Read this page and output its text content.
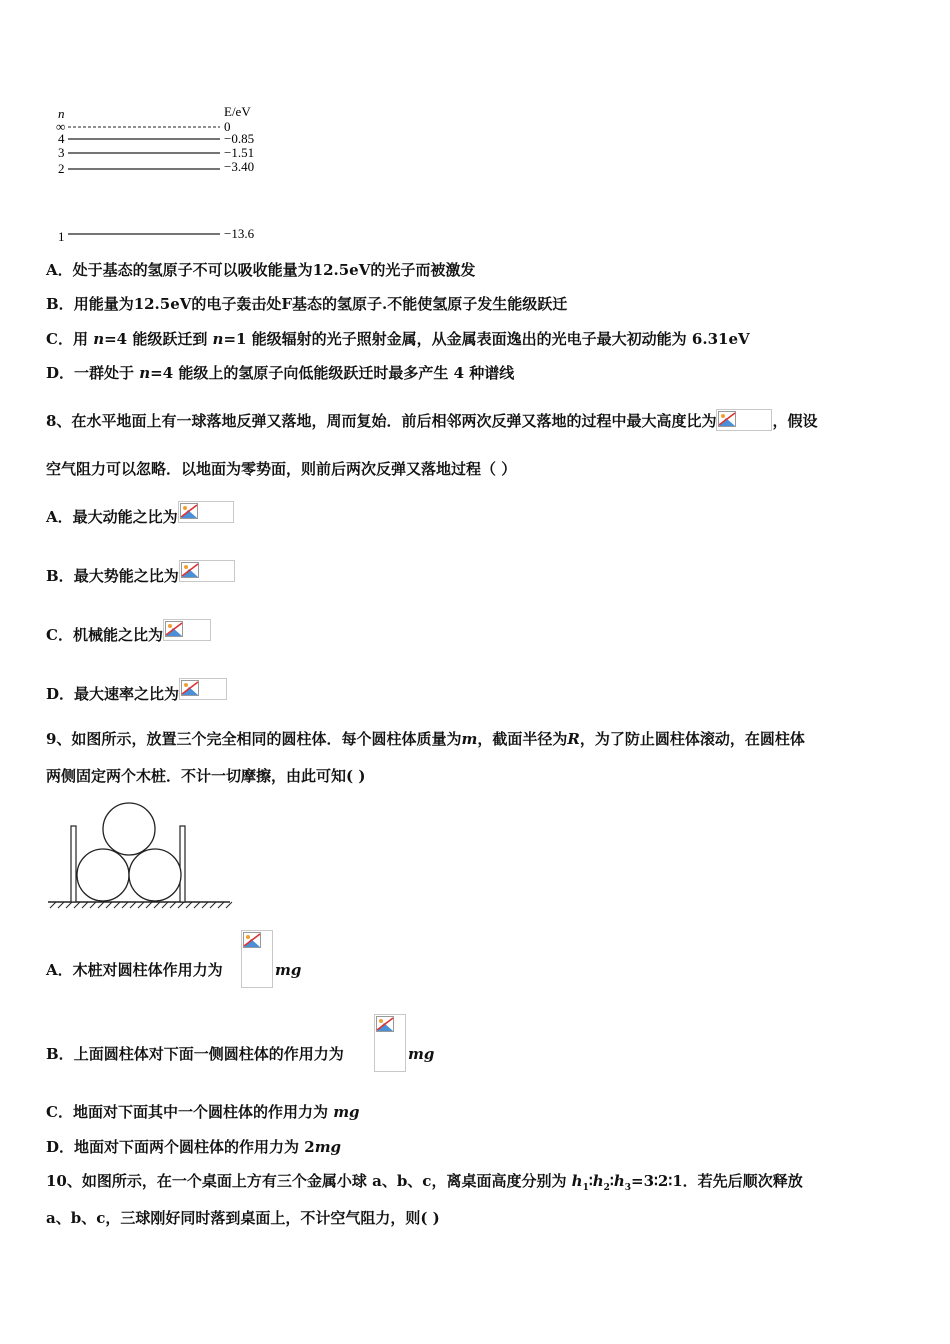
n	E/eV
∞	0
4	−0.85
3	−1.51
2	−3.40
1	−13.6
A．处于基态的氢原子不可以吸收能量为12.5eV的光子而被激发
B．用能量为12.5eV的电子轰击处F基态的氢原子.不能使氢原子发生能级跃迁
C．用 n=4 能级跃迁到 n=1 能级辐射的光子照射金属，从金属表面逸出的光电子最大初动能为 6.31eV
D．一群处于 n=4 能级上的氢原子向低能级跃迁时最多产生 4 种谱线
8、在水平地面上有一球落地反弹又落地，周而复始．前后相邻两次反弹又落地的过程中最大高度比为	，假设
空气阻力可以忽略．以地面为零势面，则前后两次反弹又落地过程（ ）
A．最大动能之比为
B．最大势能之比为
C．机械能之比为
D．最大速率之比为
9、如图所示，放置三个完全相同的圆柱体．每个圆柱体质量为m，截面半径为R，为了防止圆柱体滚动，在圆柱体
两侧固定两个木桩．不计一切摩擦，由此可知( )
A．木桩对圆柱体作用力为	mg
B．上面圆柱体对下面一侧圆柱体的作用力为	mg
C．地面对下面其中一个圆柱体的作用力为 mg
D．地面对下面两个圆柱体的作用力为 2mg
10、如图所示，在一个桌面上方有三个金属小球 a、b、c，离桌面高度分别为 $h_1∶h_2∶h_3=3∶2∶1$．若先后顺次释放
a、b、c，三球刚好同时落到桌面上，不计空气阻力，则( )
